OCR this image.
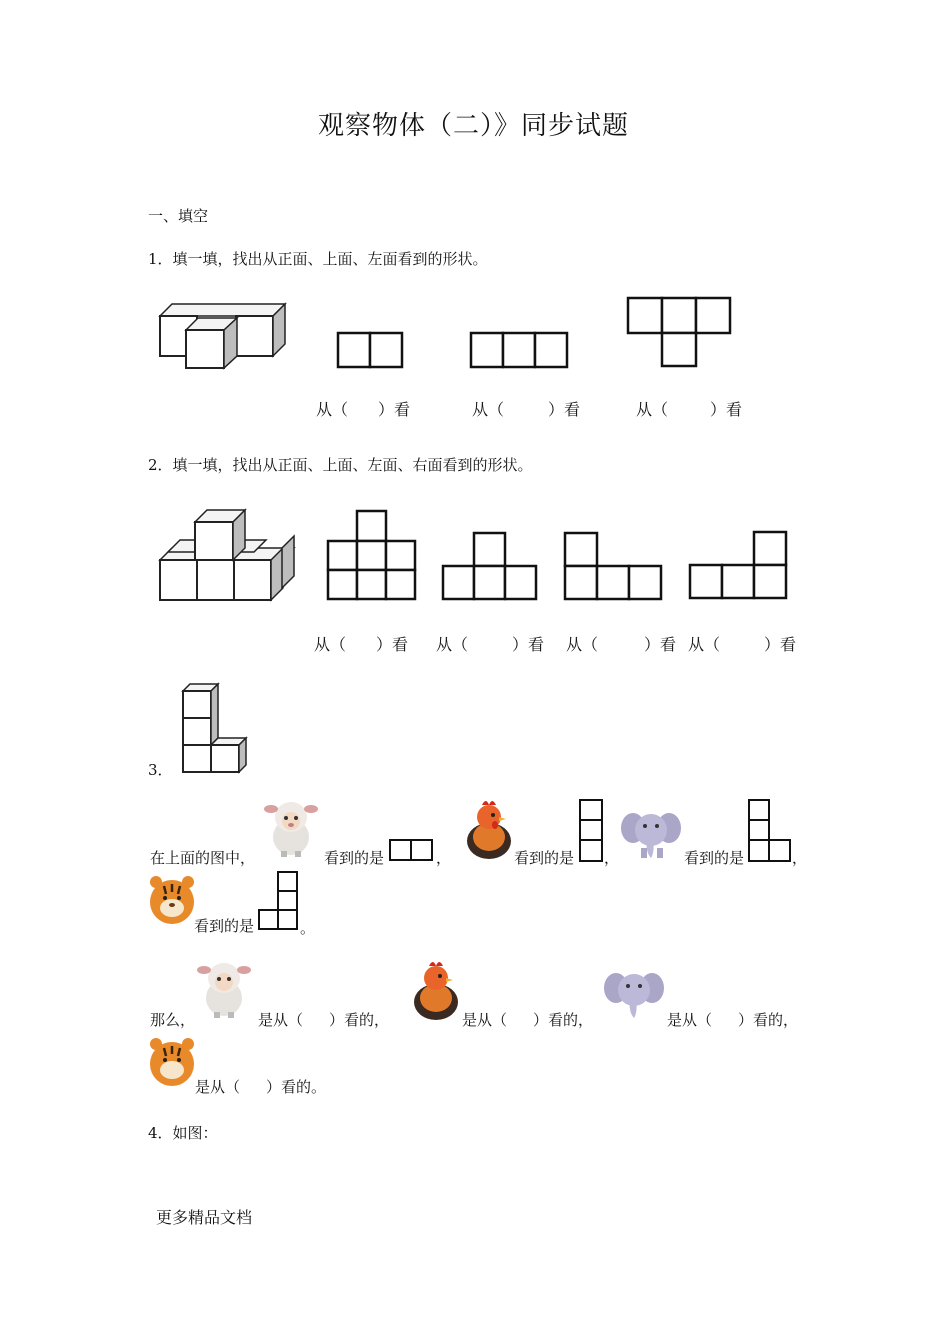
观察物体（二）》同步试题
一、填空
1．填一填，找出从正面、上面、左面看到的形状。
从（ ）看	从（	）看	从（	）看
2．填一填，找出从正面、上面、左面、右面看到的形状。
从（ ）看 从（	）看 从（	）看 从（	）看
3．
在上面的图中，	看到的是	，	看到的是 ，	看到的是	，
看到的是	。
那么，	是从（ ）看的，	是从（ ）看的，	是从（ ）看的，
是从（ ）看的。
4．如图：
更多精品文档
